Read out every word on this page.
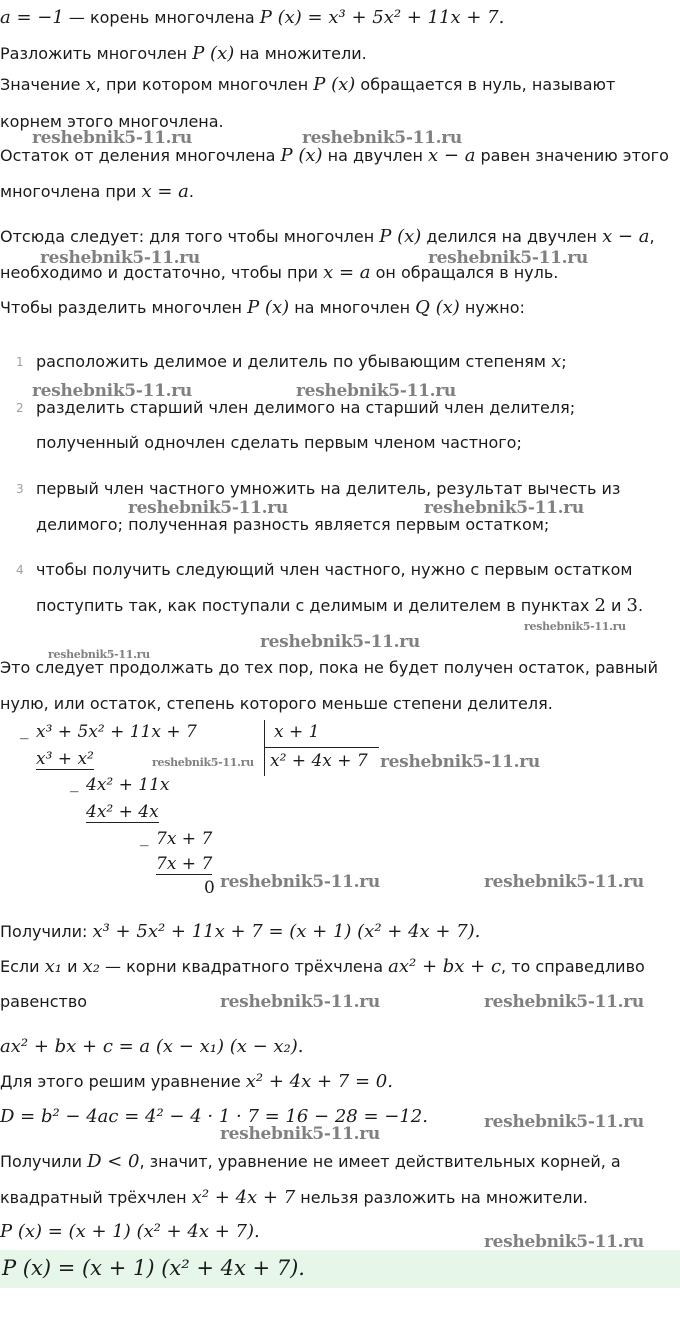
a = −1 — корень многочлена P (x) = x³ + 5x² + 11x + 7.
Разложить многочлен P (x) на множители.
Значение x, при котором многочлен P (x) обращается в нуль, называют
корнем этого многочлена.
Остаток от деления многочлена P (x) на двучлен x − a равен значению этого
многочлена при x = a.
Отсюда следует: для того чтобы многочлен P (x) делился на двучлен x − a,
необходимо и достаточно, чтобы при x = a он обращался в нуль.
Чтобы разделить многочлен P (x) на многочлен Q (x) нужно:
1 расположить делимое и делитель по убывающим степеням x;
2 разделить старший член делимого на старший член делителя;
полученный одночлен сделать первым членом частного;
3 первый член частного умножить на делитель, результат вычесть из
делимого; полученная разность является первым остатком;
4 чтобы получить следующий член частного, нужно с первым остатком
поступить так, как поступали с делимым и делителем в пунктах 2 и 3.
Это следует продолжать до тех пор, пока не будет получен остаток, равный
нулю, или остаток, степень которого меньше степени делителя.
_ x³ + 5x² + 11x + 7	x + 1
x³ + x²	x² + 4x + 7
_ 4x² + 11x
4x² + 4x
_ 7x + 7
7x + 7
0
Получили: x³ + 5x² + 11x + 7 = (x + 1) (x² + 4x + 7).
Если x₁ и x₂ — корни квадратного трёхчлена ax² + bx + c, то справедливо
равенство
ax² + bx + c = a (x − x₁) (x − x₂).
Для этого решим уравнение x² + 4x + 7 = 0.
D = b² − 4ac = 4² − 4 · 1 · 7 = 16 − 28 = −12.
Получили D < 0, значит, уравнение не имеет действительных корней, а
квадратный трёхчлен x² + 4x + 7 нельзя разложить на множители.
P (x) = (x + 1) (x² + 4x + 7).
P (x) = (x + 1) (x² + 4x + 7).
reshebnik5-11.ru	reshebnik5-11.ru
reshebnik5-11.ru	reshebnik5-11.ru
reshebnik5-11.ru	reshebnik5-11.ru
reshebnik5-11.ru	reshebnik5-11.ru
reshebnik5-11.ru
reshebnik5-11.ru
reshebnik5-11.ru
reshebnik5-11.ru	reshebnik5-11.ru
reshebnik5-11.ru	reshebnik5-11.ru
reshebnik5-11.ru	reshebnik5-11.ru
reshebnik5-11.ru
reshebnik5-11.ru
reshebnik5-11.ru
